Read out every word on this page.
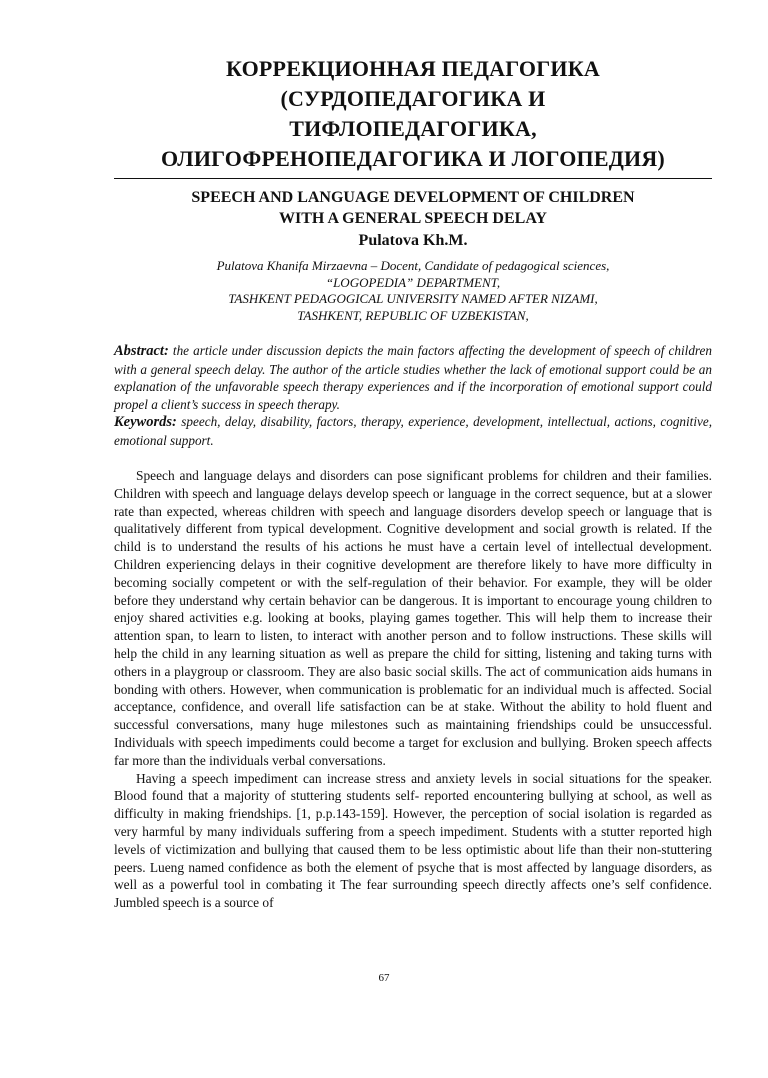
КОРРЕКЦИОННАЯ ПЕДАГОГИКА
(СУРДОПЕДАГОГИКА И
ТИФЛОПЕДАГОГИКА,
ОЛИГОФРЕНОПЕДАГОГИКА И ЛОГОПЕДИЯ)
SPEECH AND LANGUAGE DEVELOPMENT OF CHILDREN
WITH A GENERAL SPEECH DELAY
Pulatova Kh.M.
Pulatova Khanifa Mirzaevna – Docent, Candidate of pedagogical sciences,
“LOGOPEDIA” DEPARTMENT,
TASHKENT PEDAGOGICAL UNIVERSITY NAMED AFTER NIZAMI,
TASHKENT, REPUBLIC OF UZBEKISTAN,
Abstract: the article under discussion depicts the main factors affecting the development of speech of children with a general speech delay. The author of the article studies whether the lack of emotional support could be an explanation of the unfavorable speech therapy experiences and if the incorporation of emotional support could propel a client’s success in speech therapy.
Keywords: speech, delay, disability, factors, therapy, experience, development, intellectual, actions, cognitive, emotional support.

Speech and language delays and disorders can pose significant problems for children and their families. Children with speech and language delays develop speech or language in the correct sequence, but at a slower rate than expected, whereas children with speech and language disorders develop speech or language that is qualitatively different from typical development. Cognitive development and social growth is related. If the child is to understand the results of his actions he must have a certain level of intellectual development. Children experiencing delays in their cognitive development are therefore likely to have more difficulty in becoming socially competent or with the self-regulation of their behavior. For example, they will be older before they understand why certain behavior can be dangerous. It is important to encourage young children to enjoy shared activities e.g. looking at books, playing games together. This will help them to increase their attention span, to learn to listen, to interact with another person and to follow instructions. These skills will help the child in any learning situation as well as prepare the child for sitting, listening and taking turns with others in a playgroup or classroom. They are also basic social skills. The act of communication aids humans in bonding with others. However, when communication is problematic for an individual much is affected. Social acceptance, confidence, and overall life satisfaction can be at stake. Without the ability to hold fluent and successful conversations, many huge milestones such as maintaining friendships could be unsuccessful. Individuals with speech impediments could become a target for exclusion and bullying. Broken speech affects far more than the individuals verbal conversations.

Having a speech impediment can increase stress and anxiety levels in social situations for the speaker. Blood found that a majority of stuttering students self- reported encountering bullying at school, as well as difficulty in making friendships. [1, p.p.143-159]. However, the perception of social isolation is regarded as very harmful by many individuals suffering from a speech impediment. Students with a stutter reported high levels of victimization and bullying that caused them to be less optimistic about life than their non-stuttering peers. Lueng named confidence as both the element of psyche that is most affected by language disorders, as well as a powerful tool in combating it The fear surrounding speech directly affects one’s self confidence. Jumbled speech is a source of

67
